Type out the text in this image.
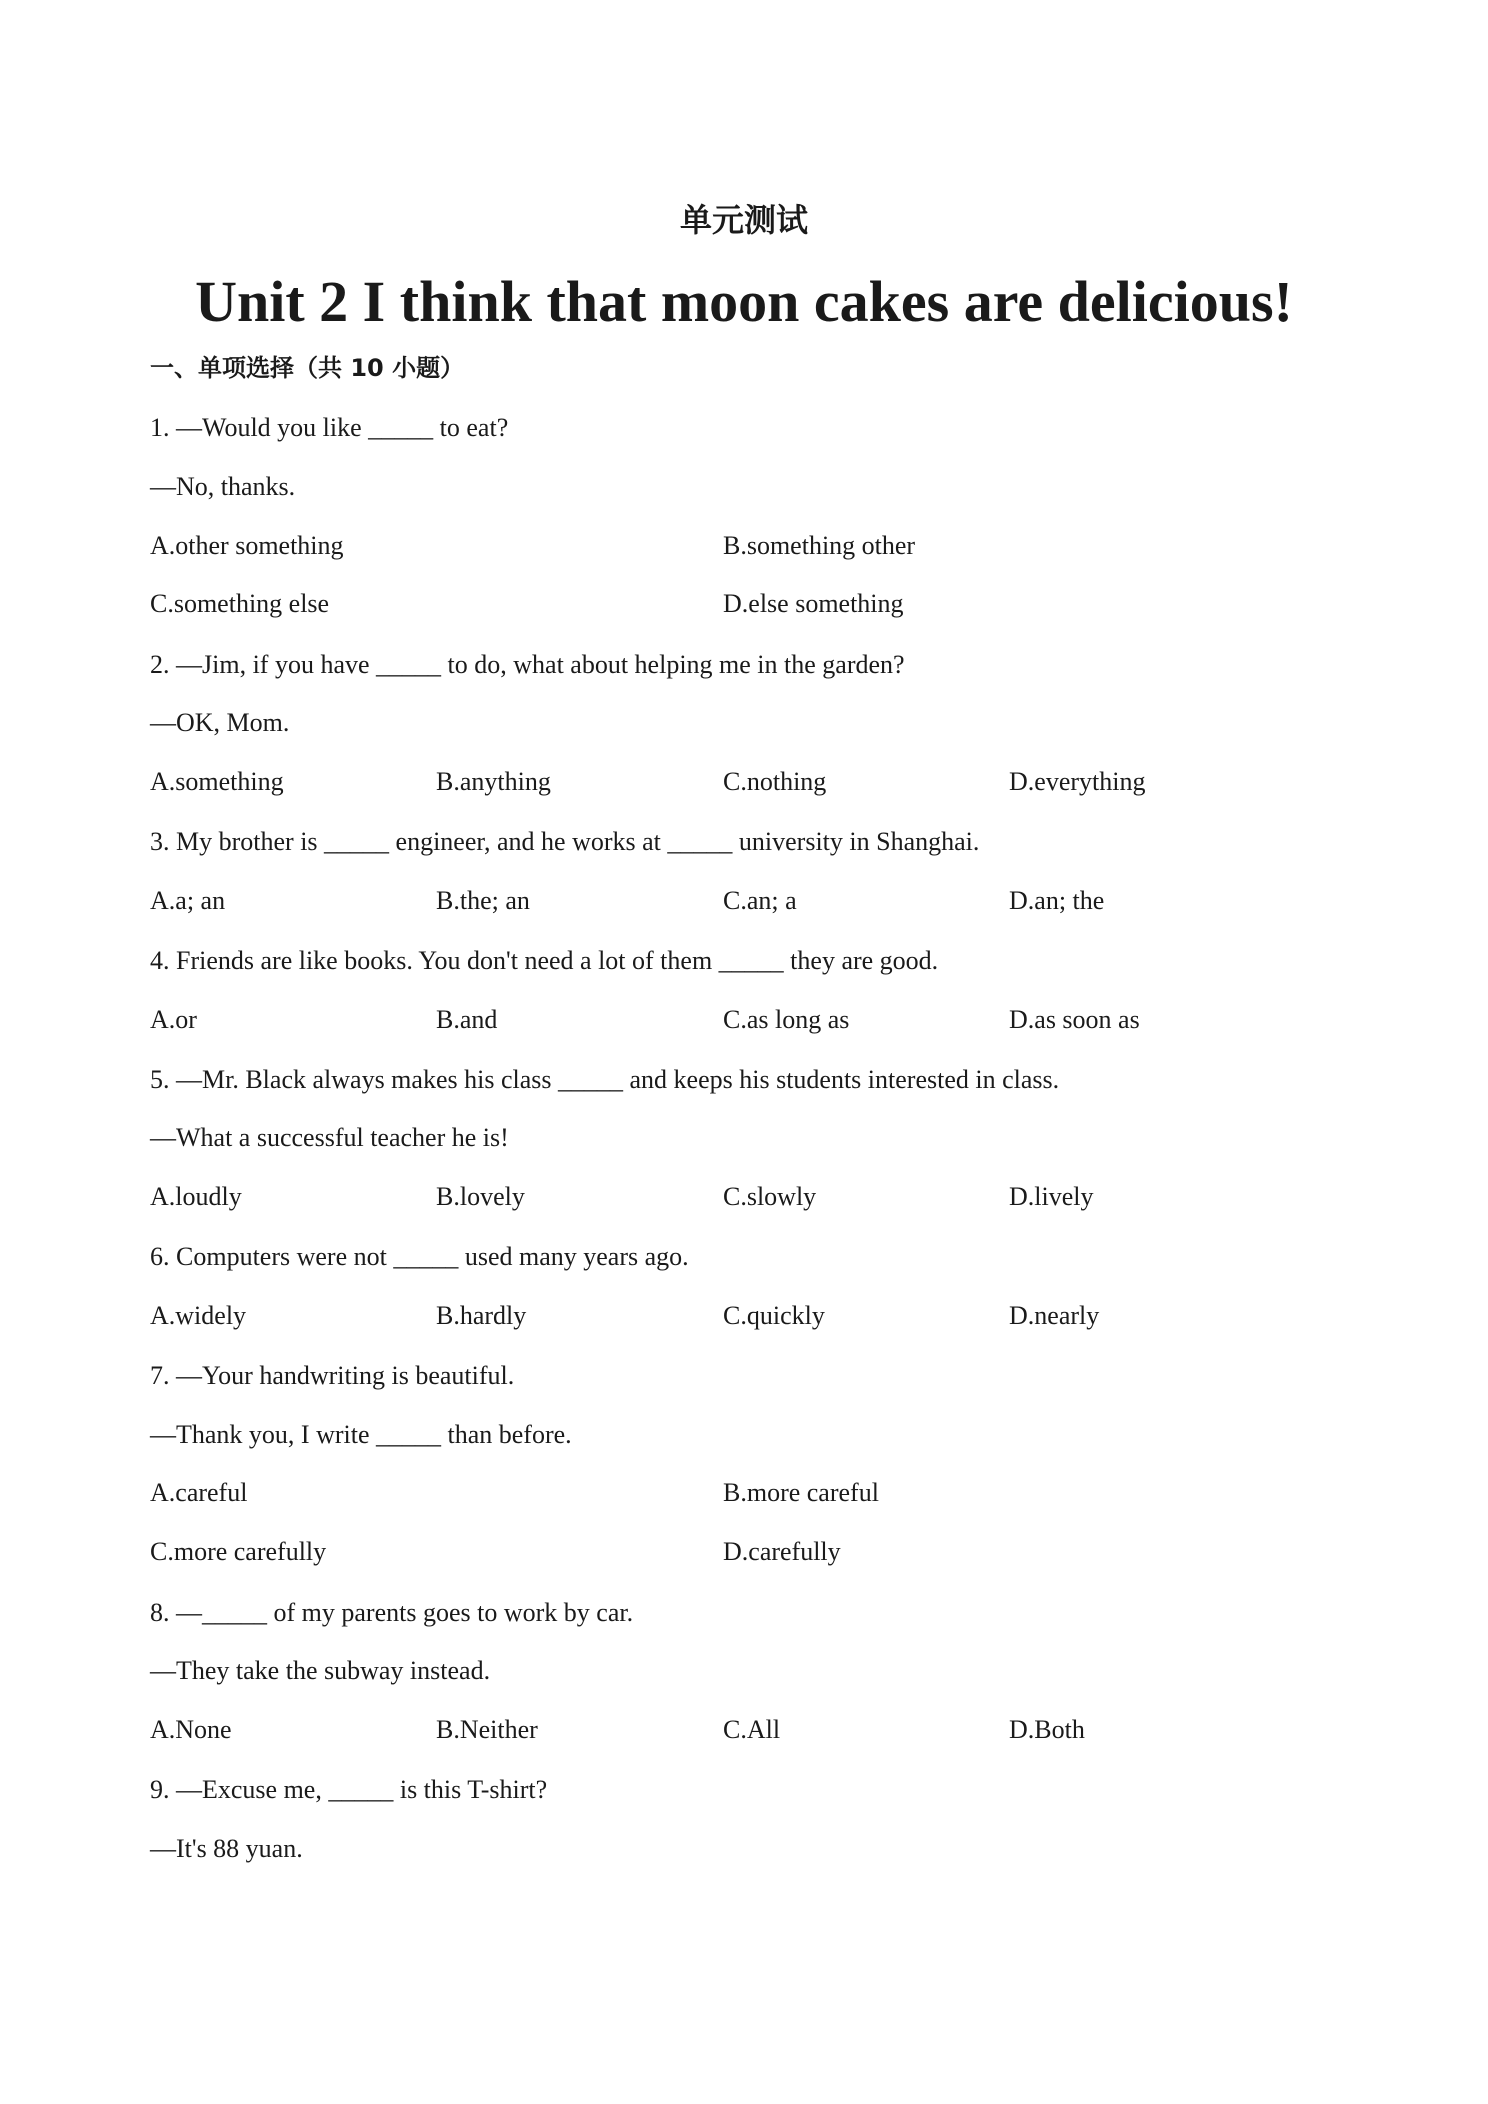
单元测试
Unit 2 I think that moon cakes are delicious!
一、单项选择（共 10 小题）
1. —Would you like _____ to eat?
—No, thanks.
A.other something	B.something other
C.something else	D.else something
2. —Jim, if you have _____ to do, what about helping me in the garden?
—OK, Mom.
A.something	B.anything	C.nothing	D.everything
3. My brother is _____ engineer, and he works at _____ university in Shanghai.
A.a; an	B.the; an	C.an; a	D.an; the
4. Friends are like books. You don't need a lot of them _____ they are good.
A.or	B.and	C.as long as	D.as soon as
5. —Mr. Black always makes his class _____ and keeps his students interested in class.
—What a successful teacher he is!
A.loudly	B.lovely	C.slowly	D.lively
6. Computers were not _____ used many years ago.
A.widely	B.hardly	C.quickly	D.nearly
7. —Your handwriting is beautiful.
—Thank you, I write _____ than before.
A.careful	B.more careful
C.more carefully	D.carefully
8. —_____ of my parents goes to work by car.
—They take the subway instead.
A.None	B.Neither	C.All	D.Both
9. —Excuse me, _____ is this T-shirt?
—It's 88 yuan.
